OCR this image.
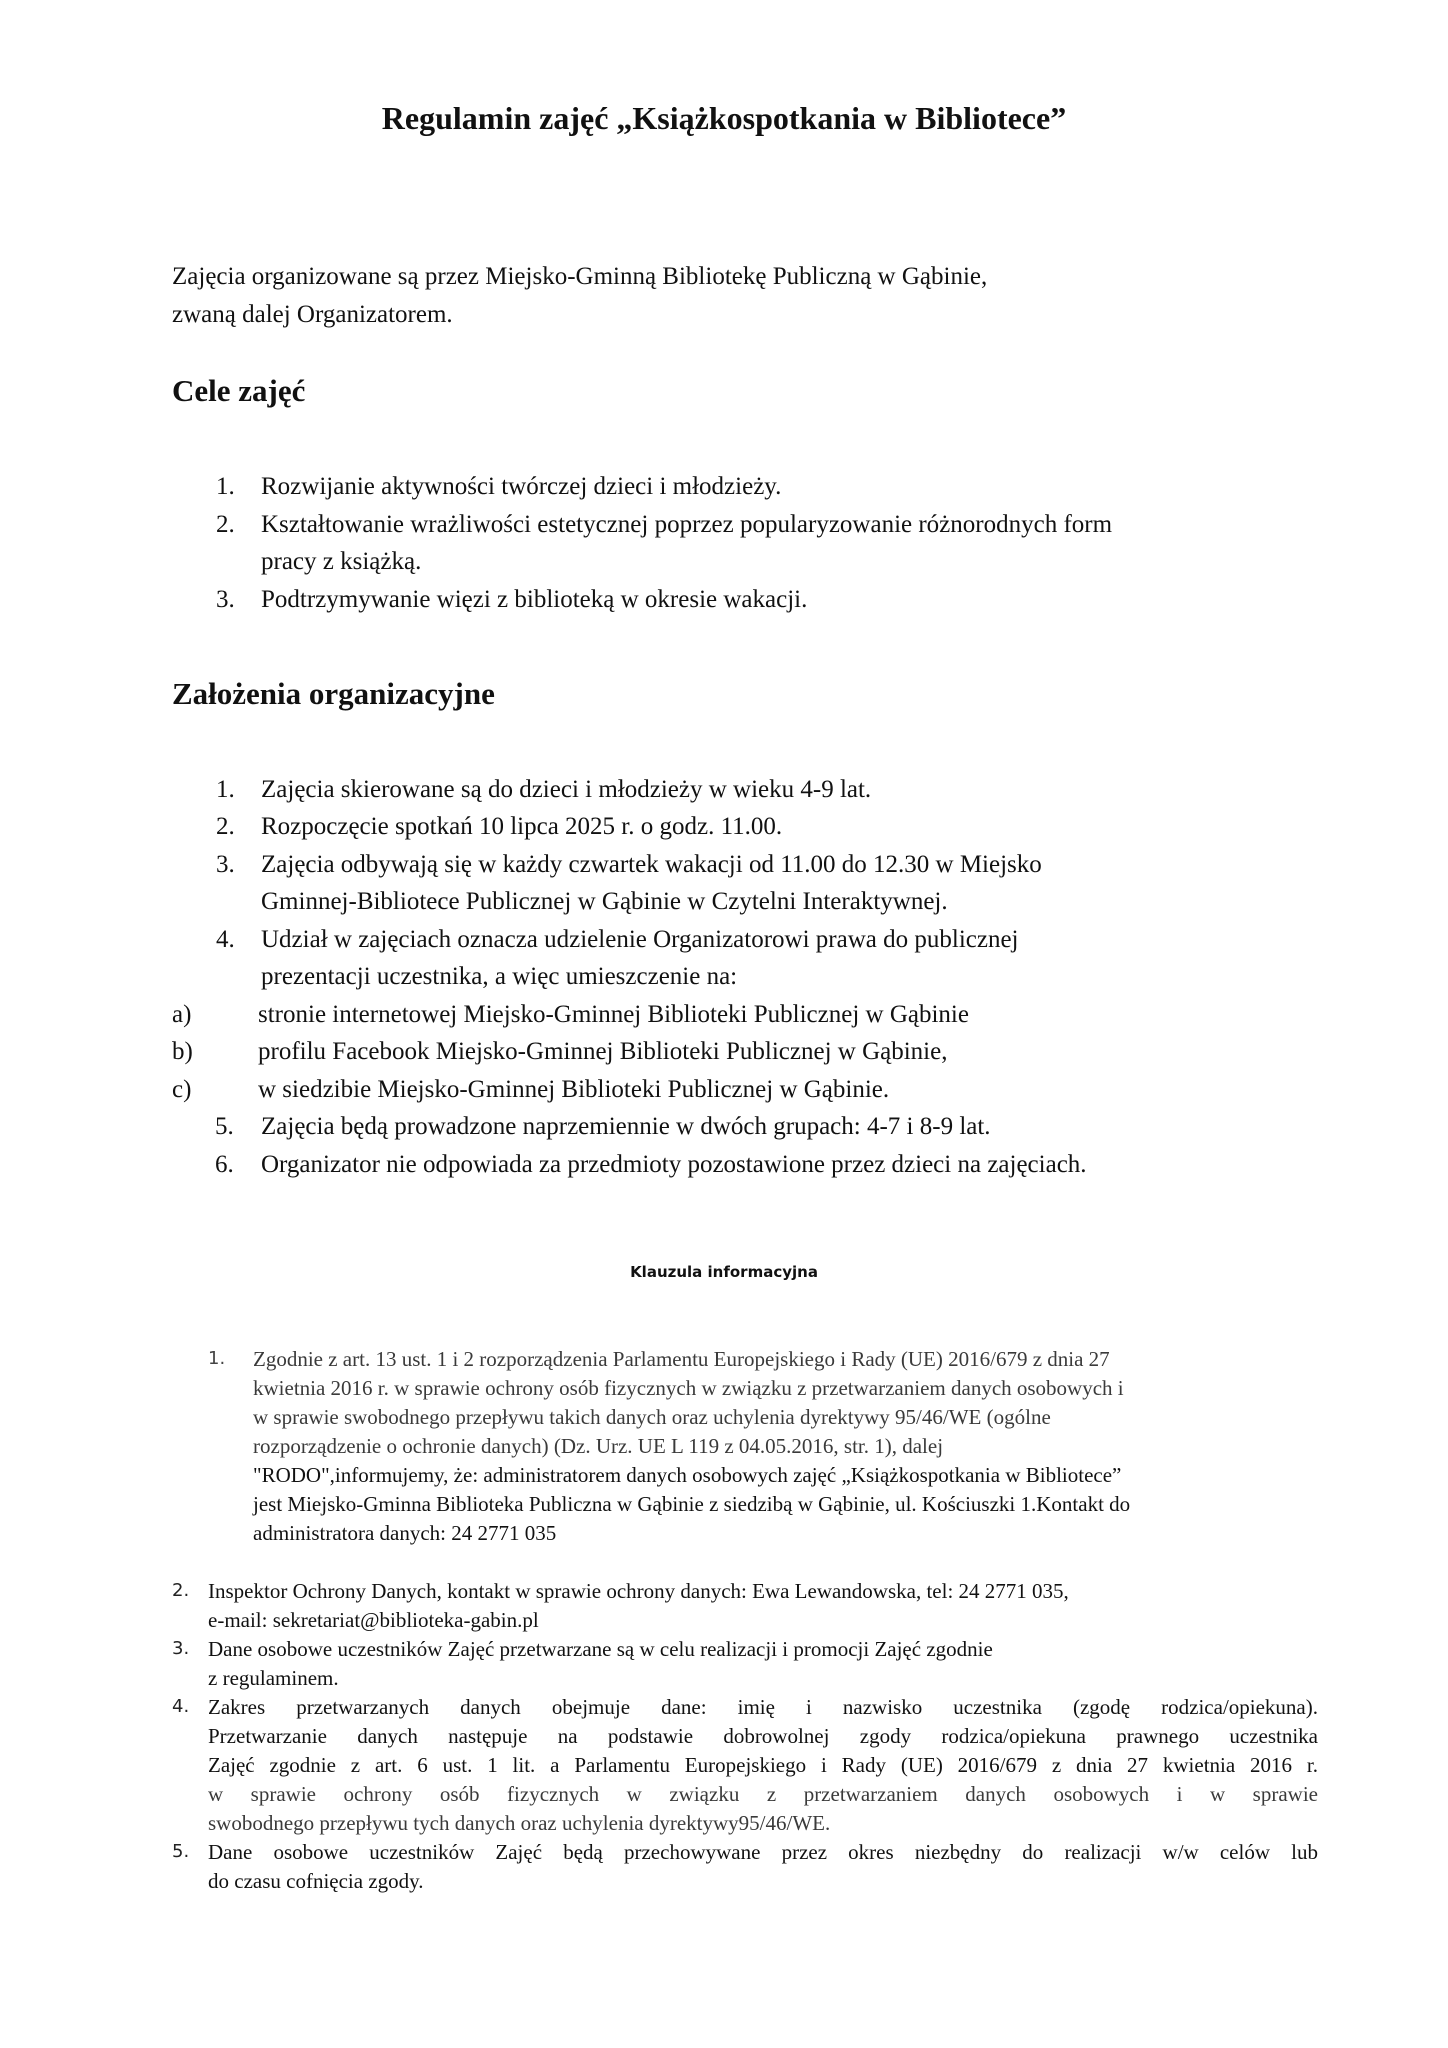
Regulamin zajęć „Książkospotkania w Bibliotece”
Zajęcia organizowane są przez Miejsko-Gminną Bibliotekę Publiczną w Gąbinie,
zwaną dalej Organizatorem.
Cele zajęć
1. Rozwijanie aktywności twórczej dzieci i młodzieży.
2. Kształtowanie wrażliwości estetycznej poprzez popularyzowanie różnorodnych form
pracy z książką.
3. Podtrzymywanie więzi z biblioteką w okresie wakacji.
Założenia organizacyjne
1. Zajęcia skierowane są do dzieci i młodzieży w wieku 4-9 lat.
2. Rozpoczęcie spotkań 10 lipca 2025 r. o godz. 11.00.
3. Zajęcia odbywają się w każdy czwartek wakacji od 11.00 do 12.30 w Miejsko
Gminnej-Bibliotece Publicznej w Gąbinie w Czytelni Interaktywnej.
4. Udział w zajęciach oznacza udzielenie Organizatorowi prawa do publicznej
prezentacji uczestnika, a więc umieszczenie na:
a)	stronie internetowej Miejsko-Gminnej Biblioteki Publicznej w Gąbinie
b)	profilu Facebook Miejsko-Gminnej Biblioteki Publicznej w Gąbinie,
c)	w siedzibie Miejsko-Gminnej Biblioteki Publicznej w Gąbinie.
5. Zajęcia będą prowadzone naprzemiennie w dwóch grupach: 4-7 i 8-9 lat.
6. Organizator nie odpowiada za przedmioty pozostawione przez dzieci na zajęciach.
Klauzula informacyjna
1. Zgodnie z art. 13 ust. 1 i 2 rozporządzenia Parlamentu Europejskiego i Rady (UE) 2016/679 z dnia 27
kwietnia 2016 r. w sprawie ochrony osób fizycznych w związku z przetwarzaniem danych osobowych i
w sprawie swobodnego przepływu takich danych oraz uchylenia dyrektywy 95/46/WE (ogólne
rozporządzenie o ochronie danych) (Dz. Urz. UE L 119 z 04.05.2016, str. 1), dalej
"RODO",informujemy, że: administratorem danych osobowych zajęć „Książkospotkania w Bibliotece”
jest Miejsko-Gminna Biblioteka Publiczna w Gąbinie z siedzibą w Gąbinie, ul. Kościuszki 1.Kontakt do
administratora danych: 24 2771 035
2. Inspektor Ochrony Danych, kontakt w sprawie ochrony danych: Ewa Lewandowska, tel: 24 2771 035,
e-mail: sekretariat@biblioteka-gabin.pl
3. Dane osobowe uczestników Zajęć przetwarzane są w celu realizacji i promocji Zajęć zgodnie
z regulaminem.
4. Zakres przetwarzanych danych obejmuje dane: imię i nazwisko uczestnika (zgodę rodzica/opiekuna).
Przetwarzanie danych następuje na podstawie dobrowolnej zgody rodzica/opiekuna prawnego uczestnika
Zajęć zgodnie z art. 6 ust. 1 lit. a Parlamentu Europejskiego i Rady (UE) 2016/679 z dnia 27 kwietnia 2016 r.
w sprawie ochrony osób fizycznych w związku z przetwarzaniem danych osobowych i w sprawie
swobodnego przepływu tych danych oraz uchylenia dyrektywy95/46/WE.
5. Dane osobowe uczestników Zajęć będą przechowywane przez okres niezbędny do realizacji w/w celów lub
do czasu cofnięcia zgody.
